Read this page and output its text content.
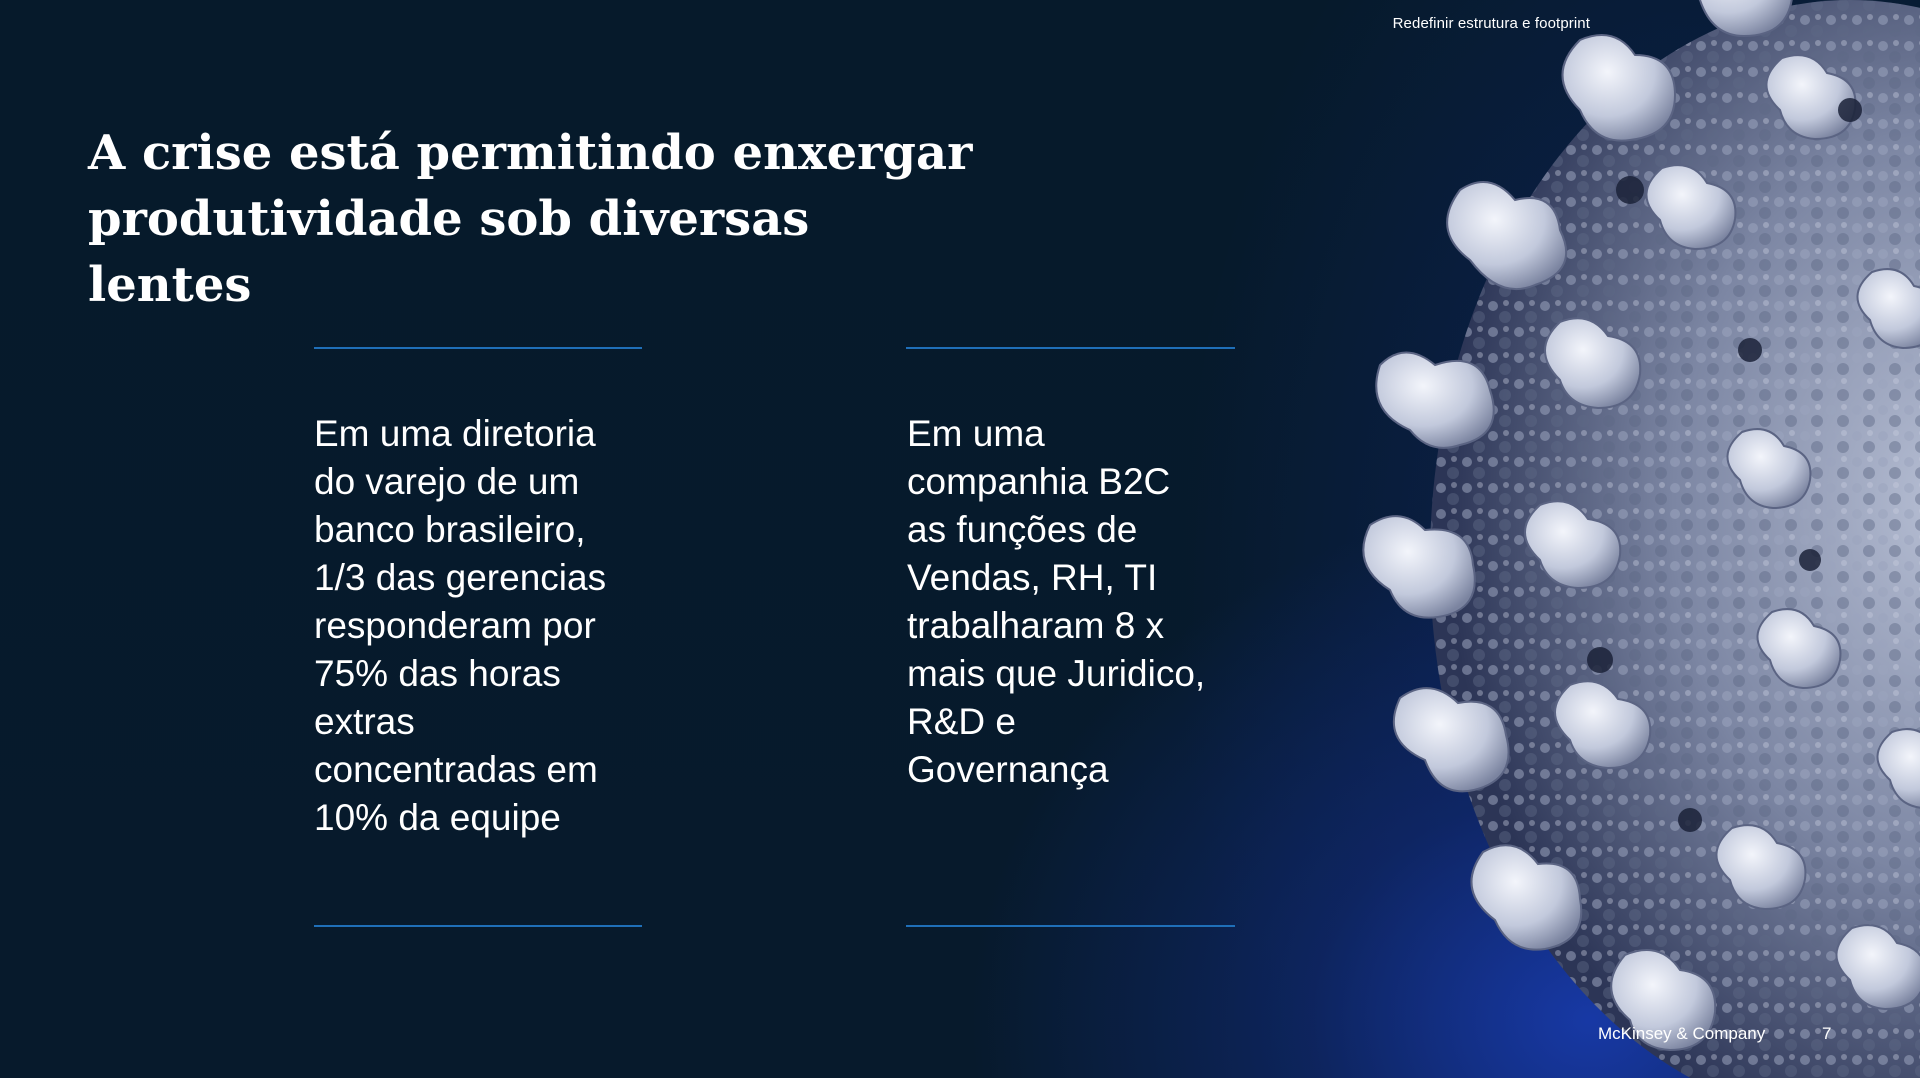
Redefinir estrutura e footprint
A crise está permitindo enxergar
produtividade sob diversas lentes
Em uma diretoria
do varejo de um
banco brasileiro,
1/3 das gerencias
responderam por
75% das horas
extras
concentradas em
10% da equipe
Em uma
companhia B2C
as funções de
Vendas, RH, TI
trabalharam 8 x
mais que Juridico,
R&D e
Governança
McKinsey & Company	7
